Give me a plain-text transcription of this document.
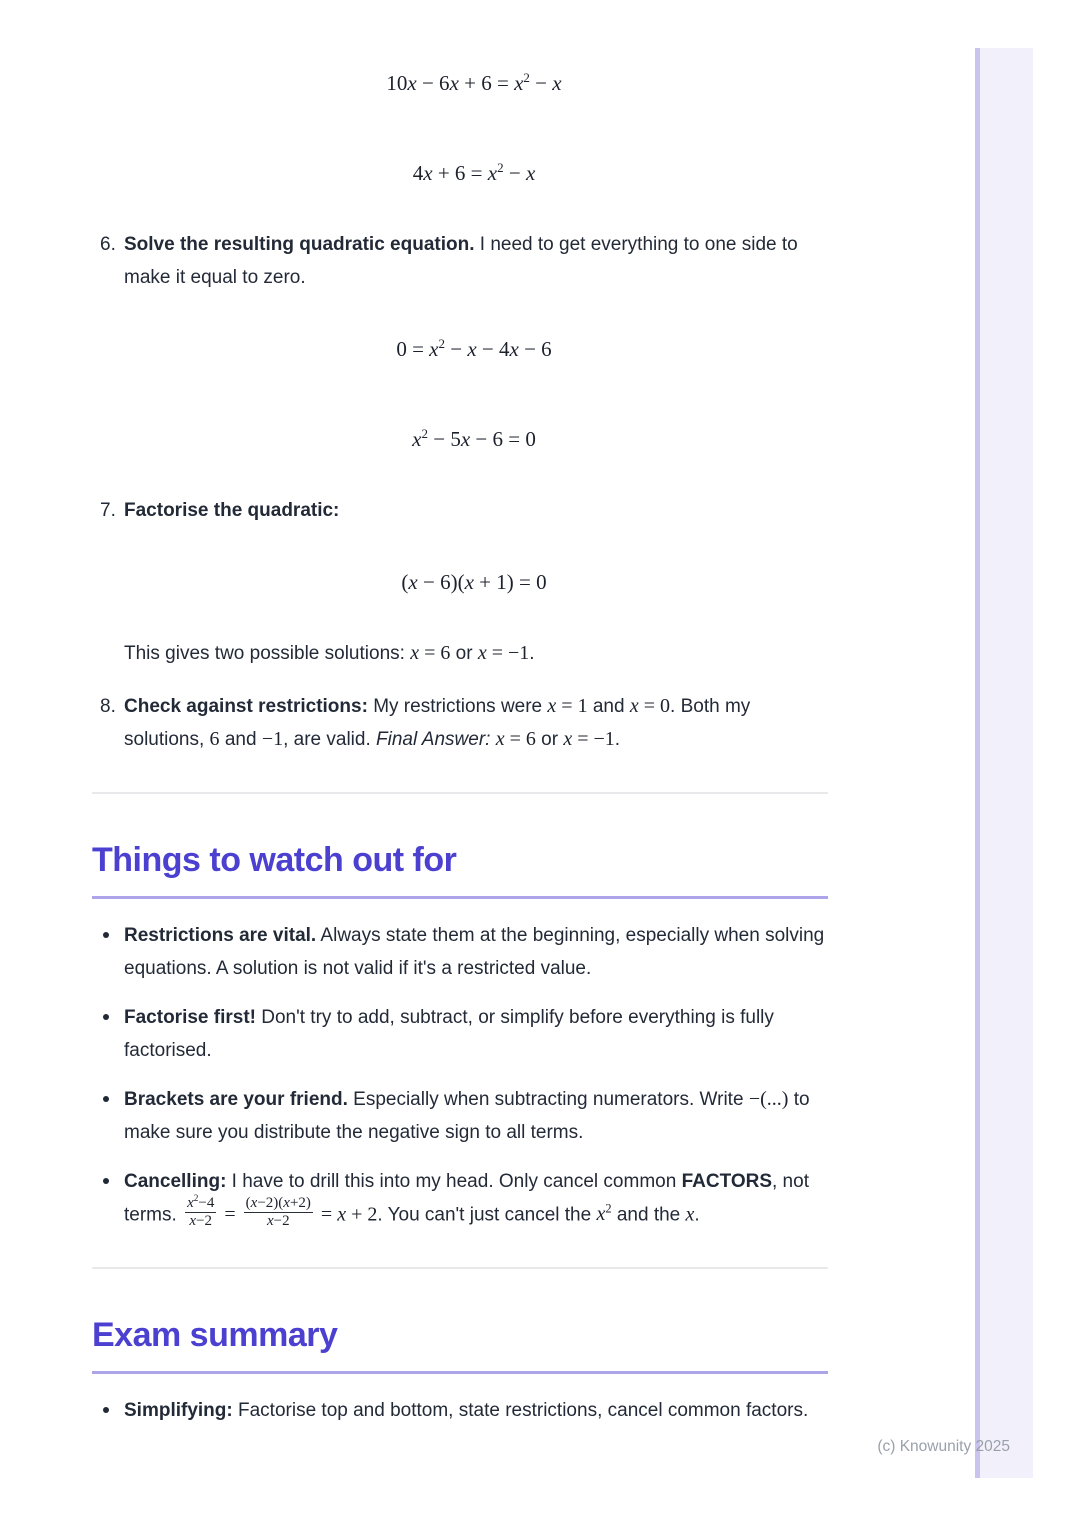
$10x - 6x + 6 = x^2 - x$
$4x + 6 = x^2 - x$
6. Solve the resulting quadratic equation. I need to get everything to one side to make it equal to zero.
$0 = x^2 - x - 4x - 6$
$x^2 - 5x - 6 = 0$
7. Factorise the quadratic:
(x − 6)(x + 1) = 0
This gives two possible solutions: x = 6 or x = −1.
8. Check against restrictions: My restrictions were x = 1 and x = 0. Both my solutions, 6 and −1, are valid. Final Answer: x = 6 or x = −1.
Things to watch out for
Restrictions are vital. Always state them at the beginning, especially when solving equations. A solution is not valid if it's a restricted value.
Factorise first! Don't try to add, subtract, or simplify before everything is fully factorised.
Brackets are your friend. Especially when subtracting numerators. Write −(...) to make sure you distribute the negative sign to all terms.
Cancelling: I have to drill this into my head. Only cancel common FACTORS, not terms. $\frac{x^2-4}{x-2} = \frac{(x-2)(x+2)}{x-2} = x + 2$. You can't just cancel the $x^2$ and the x.
Exam summary
Simplifying: Factorise top and bottom, state restrictions, cancel common factors.
(c) Knowunity 2025
